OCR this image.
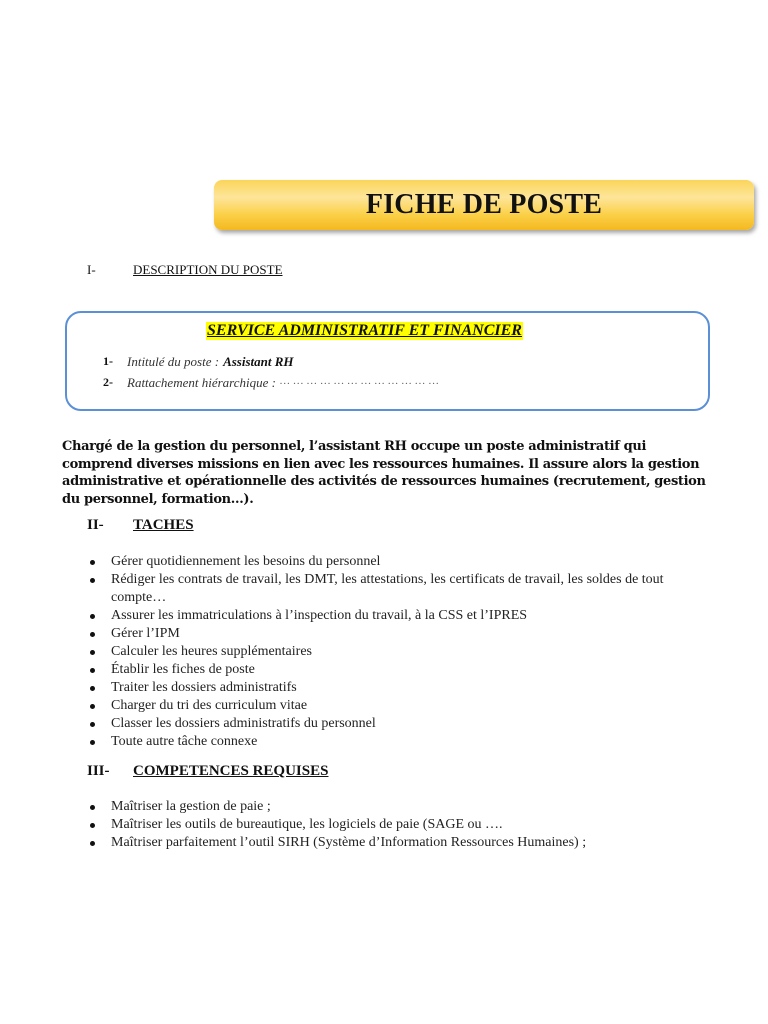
FICHE DE POSTE
I-	DESCRIPTION DU POSTE
SERVICE ADMINISTRATIF ET FINANCIER
1-	Intitulé du poste : Assistant RH
2-	Rattachement hiérarchique : … … … … … … … … … … … …
Chargé de la gestion du personnel, l’assistant RH occupe un poste administratif qui comprend diverses missions en lien avec les ressources humaines. Il assure alors la gestion administrative et opérationnelle des activités de ressources humaines (recrutement, gestion du personnel, formation…).
II-	TACHES
Gérer quotidiennement les besoins du personnel
Rédiger les contrats de travail, les DMT, les attestations, les certificats de travail, les soldes de tout compte…
Assurer les immatriculations à l’inspection du travail, à la CSS et l’IPRES
Gérer l’IPM
Calculer les heures supplémentaires
Établir les fiches de poste
Traiter les dossiers administratifs
Charger du tri des curriculum vitae
Classer les dossiers administratifs du personnel
Toute autre tâche connexe
III-	COMPETENCES REQUISES
Maîtriser la gestion de paie ;
Maîtriser les outils de bureautique, les logiciels de paie (SAGE ou ….
Maîtriser parfaitement l’outil SIRH (Système d’Information Ressources Humaines) ;
